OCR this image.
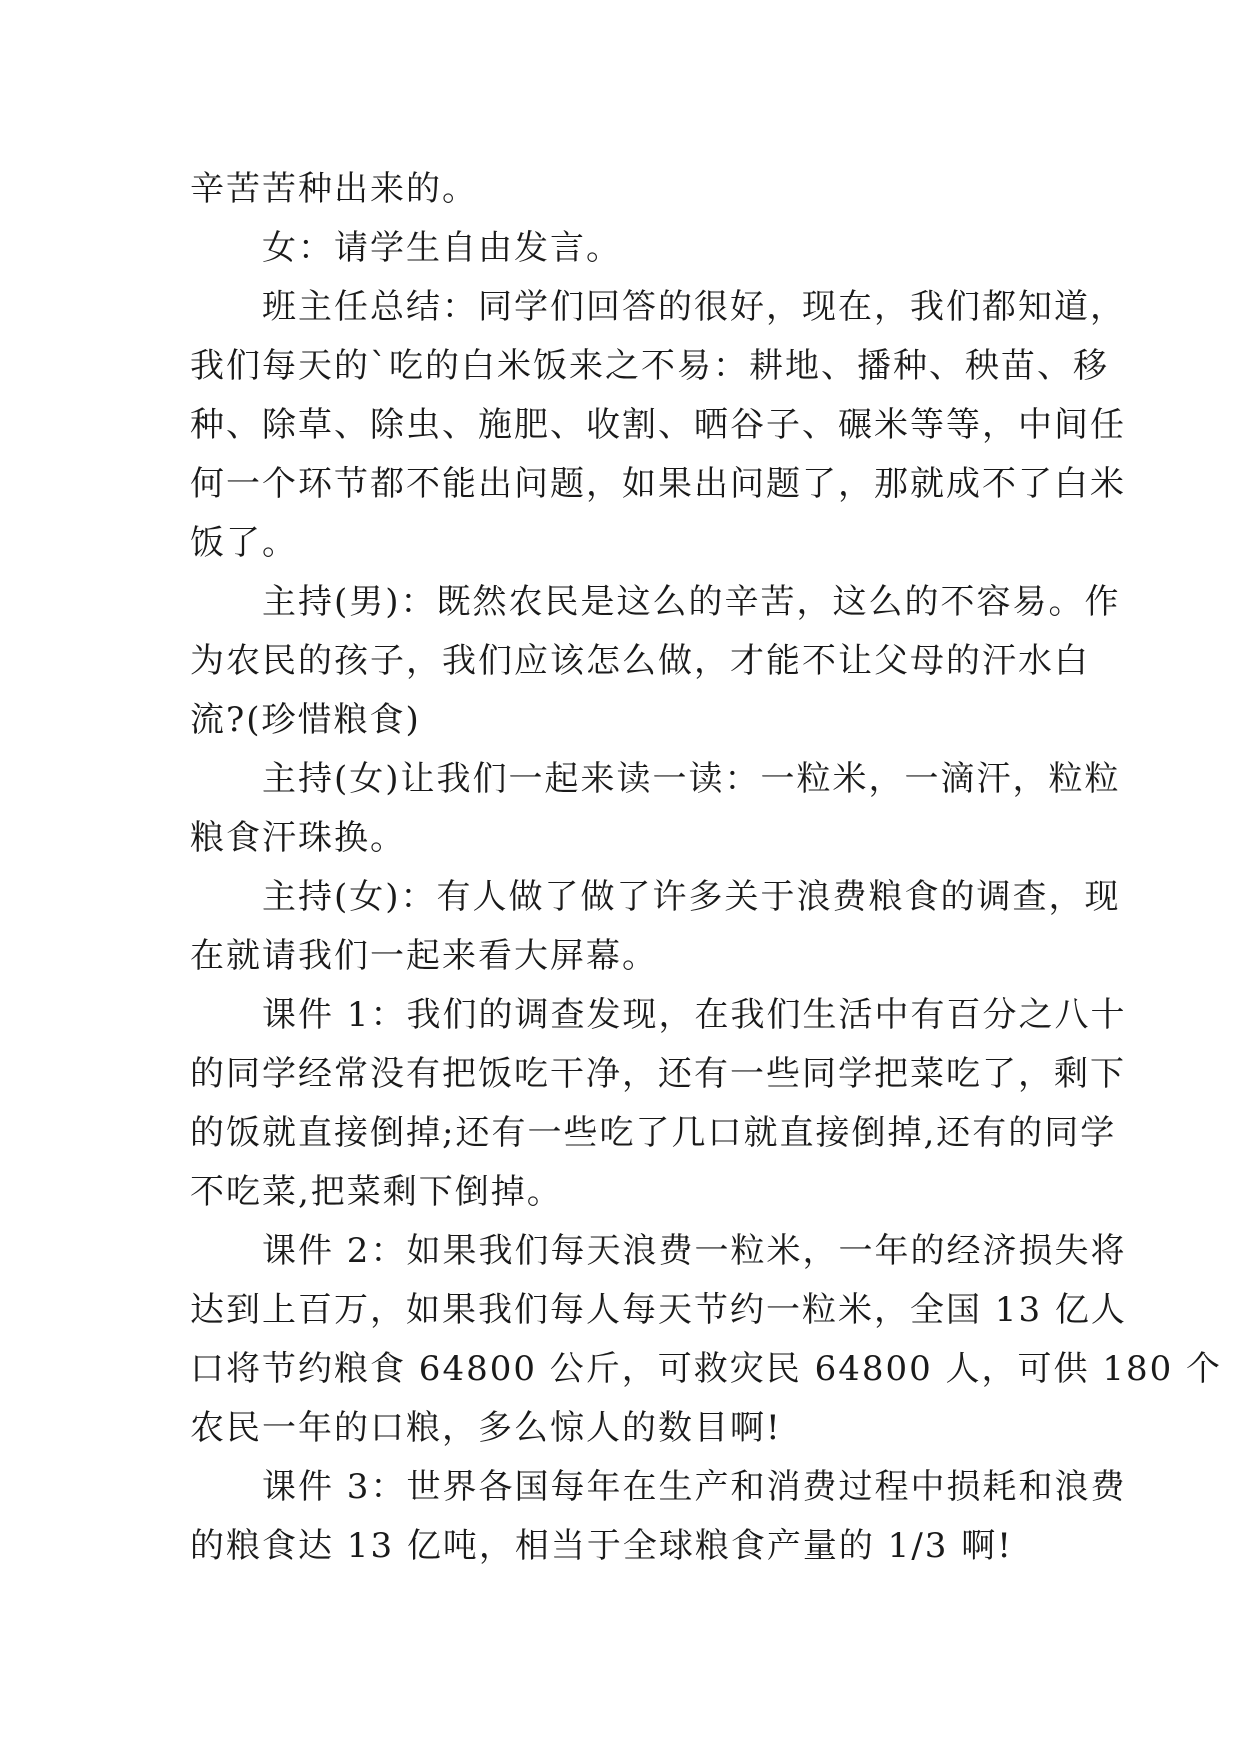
辛苦苦种出来的。

女：请学生自由发言。

班主任总结：同学们回答的很好，现在，我们都知道，
我们每天的`吃的白米饭来之不易：耕地、播种、秧苗、移
种、除草、除虫、施肥、收割、晒谷子、碾米等等，中间任
何一个环节都不能出问题，如果出问题了，那就成不了白米
饭了。

主持(男)：既然农民是这么的辛苦，这么的不容易。作
为农民的孩子，我们应该怎么做，才能不让父母的汗水白
流?(珍惜粮食)

主持(女)让我们一起来读一读：一粒米，一滴汗，粒粒
粮食汗珠换。

主持(女)：有人做了做了许多关于浪费粮食的调查，现
在就请我们一起来看大屏幕。

课件 1：我们的调查发现，在我们生活中有百分之八十
的同学经常没有把饭吃干净，还有一些同学把菜吃了，剩下
的饭就直接倒掉;还有一些吃了几口就直接倒掉,还有的同学
不吃菜,把菜剩下倒掉。

课件 2：如果我们每天浪费一粒米，一年的经济损失将
达到上百万，如果我们每人每天节约一粒米，全国 13 亿人
口将节约粮食 64800 公斤，可救灾民 64800 人，可供 180 个
农民一年的口粮，多么惊人的数目啊!

课件 3：世界各国每年在生产和消费过程中损耗和浪费
的粮食达 13 亿吨，相当于全球粮食产量的 1/3 啊!
